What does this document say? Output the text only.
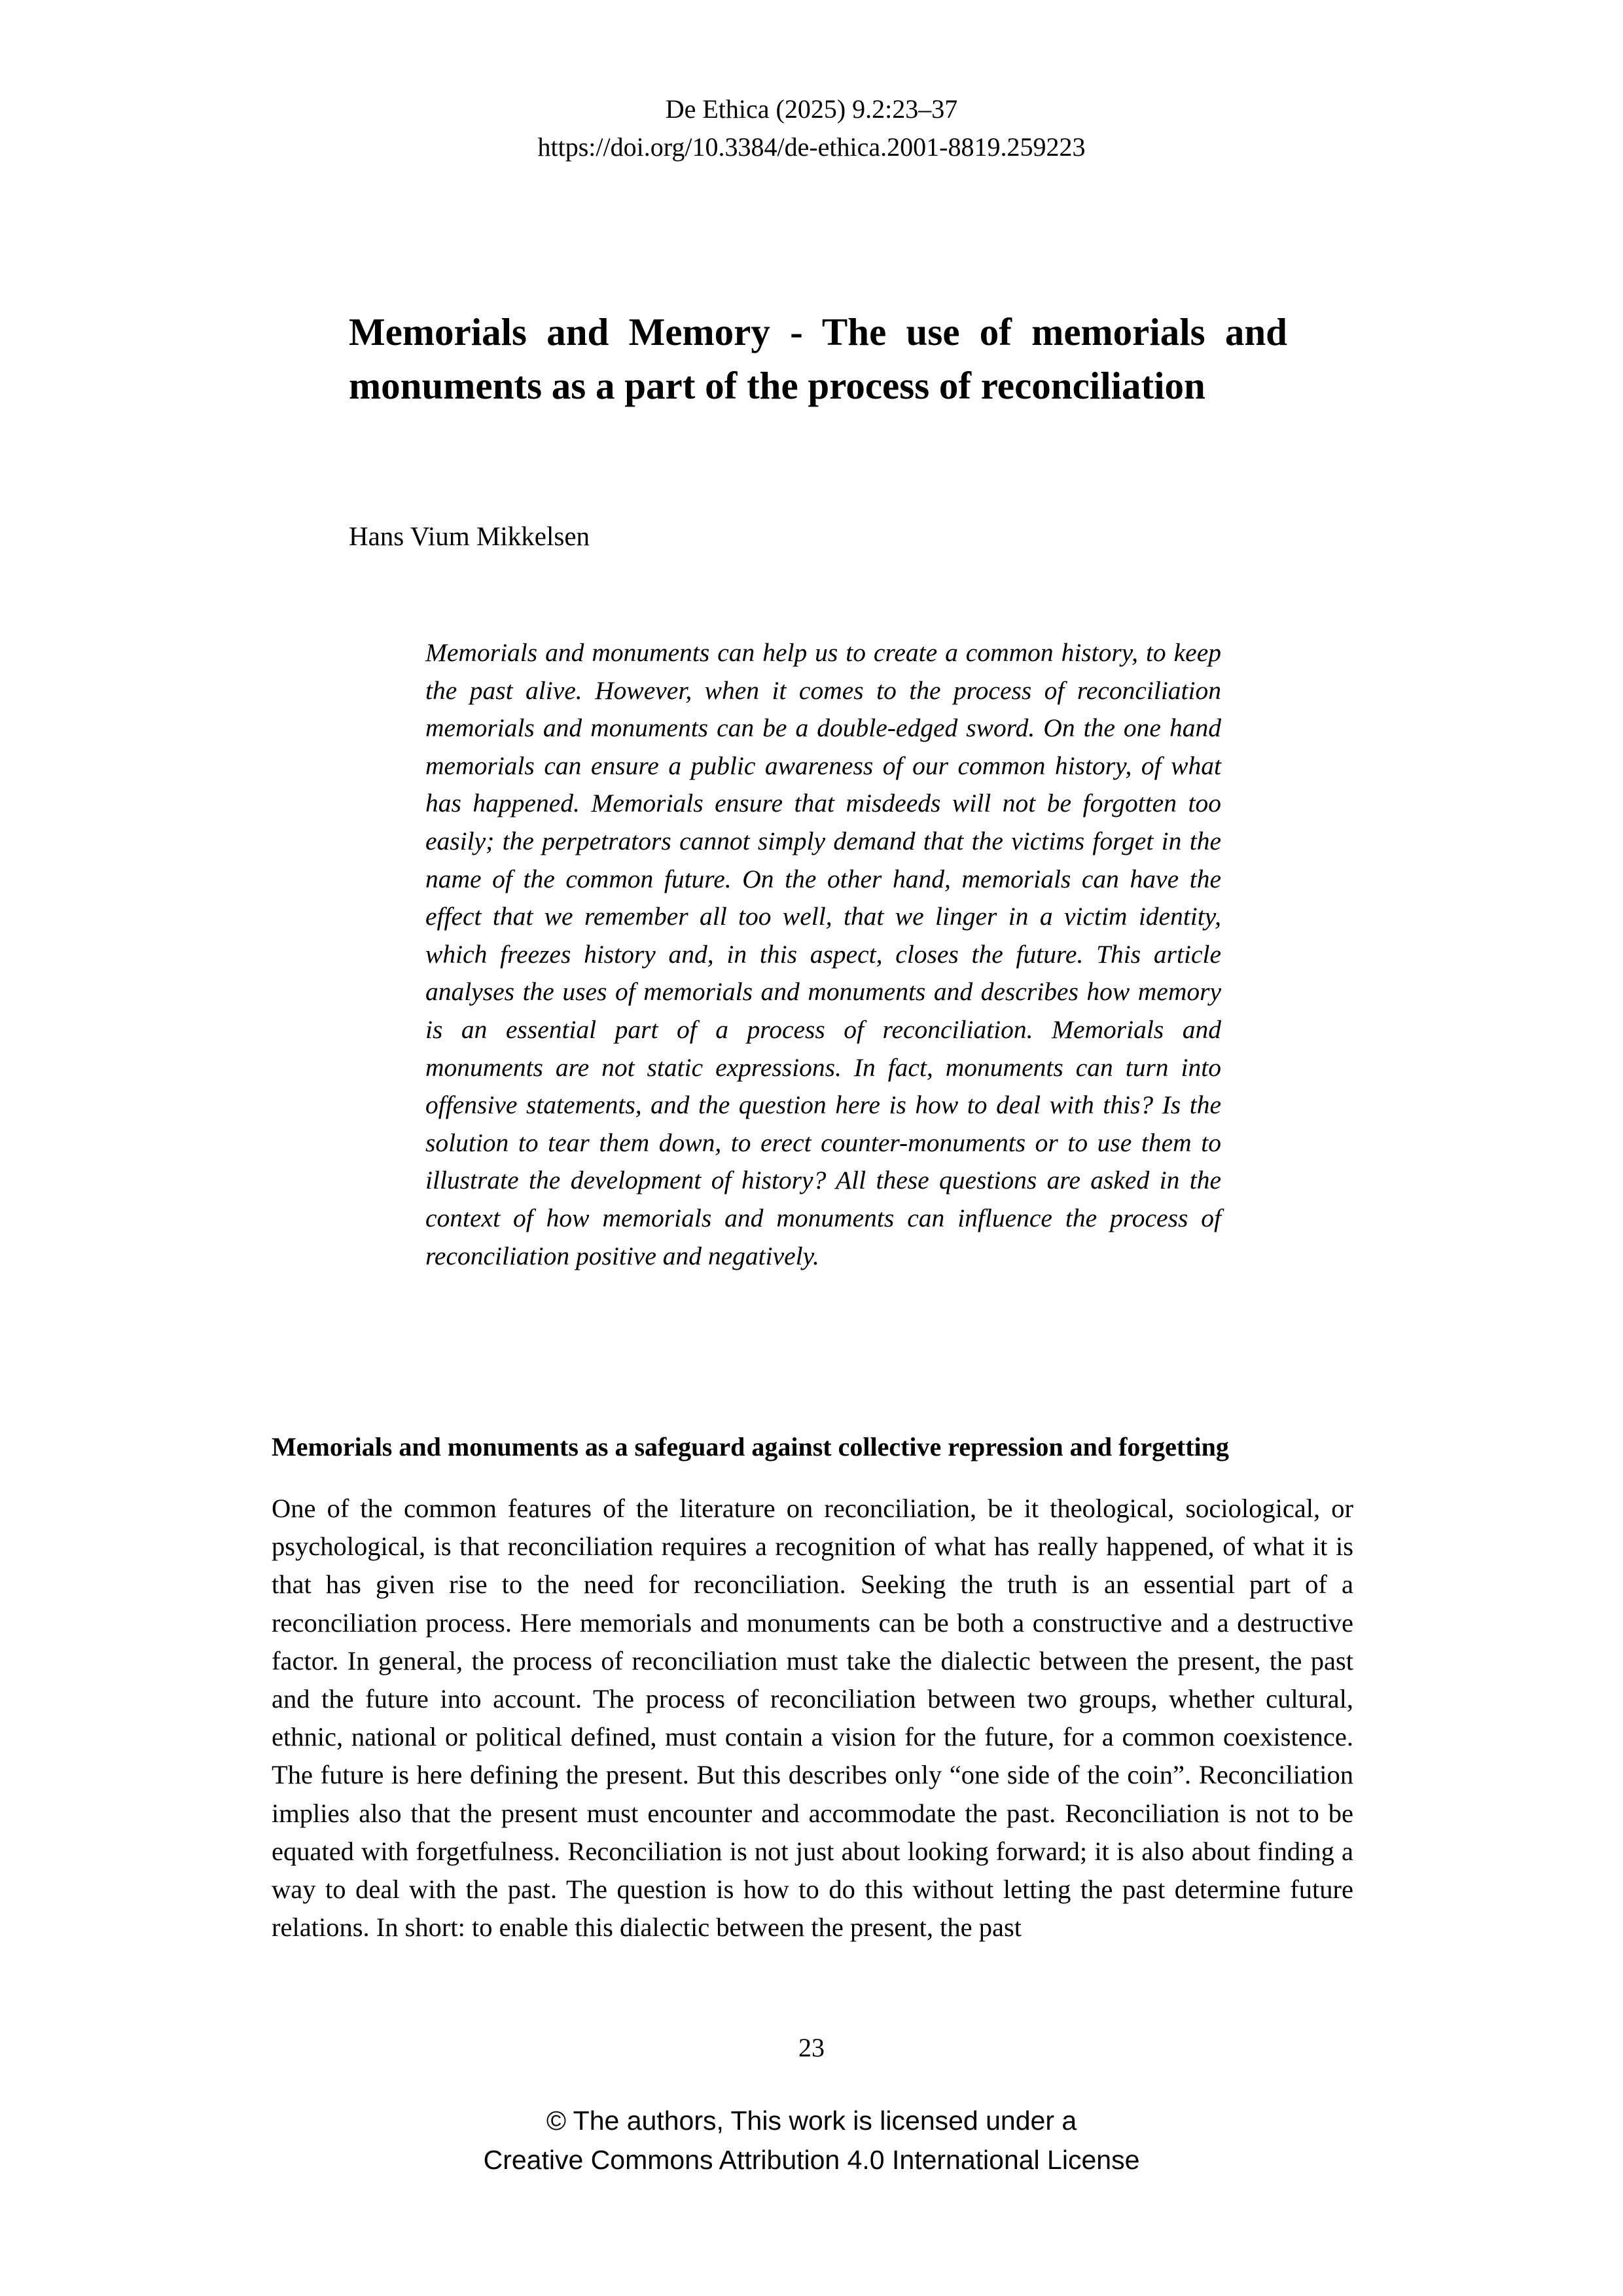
De Ethica (2025) 9.2:23–37
https://doi.org/10.3384/de-ethica.2001-8819.259223
Memorials and Memory - The use of memorials and monuments as a part of the process of reconciliation
Hans Vium Mikkelsen
Memorials and monuments can help us to create a common history, to keep the past alive. However, when it comes to the process of reconciliation memorials and monuments can be a double-edged sword. On the one hand memorials can ensure a public awareness of our common history, of what has happened. Memorials ensure that misdeeds will not be forgotten too easily; the perpetrators cannot simply demand that the victims forget in the name of the common future. On the other hand, memorials can have the effect that we remember all too well, that we linger in a victim identity, which freezes history and, in this aspect, closes the future. This article analyses the uses of memorials and monuments and describes how memory is an essential part of a process of reconciliation. Memorials and monuments are not static expressions. In fact, monuments can turn into offensive statements, and the question here is how to deal with this? Is the solution to tear them down, to erect counter-monuments or to use them to illustrate the development of history? All these questions are asked in the context of how memorials and monuments can influence the process of reconciliation positive and negatively.
Memorials and monuments as a safeguard against collective repression and forgetting

One of the common features of the literature on reconciliation, be it theological, sociological, or psychological, is that reconciliation requires a recognition of what has really happened, of what it is that has given rise to the need for reconciliation. Seeking the truth is an essential part of a reconciliation process. Here memorials and monuments can be both a constructive and a destructive factor. In general, the process of reconciliation must take the dialectic between the present, the past and the future into account. The process of reconciliation between two groups, whether cultural, ethnic, national or political defined, must contain a vision for the future, for a common coexistence. The future is here defining the present. But this describes only “one side of the coin”. Reconciliation implies also that the present must encounter and accommodate the past. Reconciliation is not to be equated with forgetfulness. Reconciliation is not just about looking forward; it is also about finding a way to deal with the past. The question is how to do this without letting the past determine future relations. In short: to enable this dialectic between the present, the past

23
© The authors, This work is licensed under a
Creative Commons Attribution 4.0 International License
